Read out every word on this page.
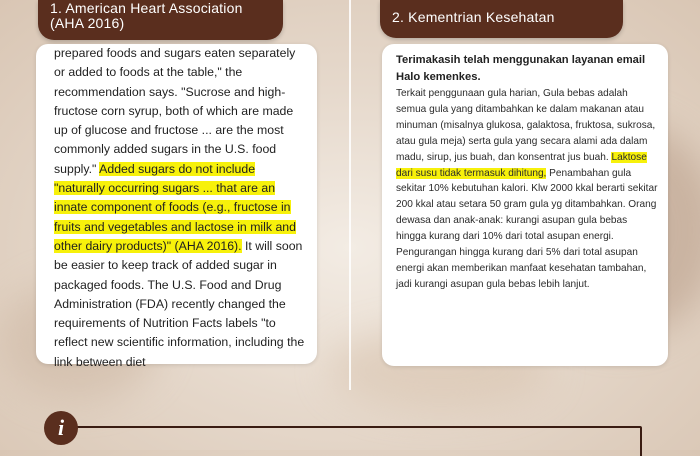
1. American Heart Association (AHA 2016)	2. Kementrian Kesehatan
prepared foods and sugars eaten separately or added to foods at the table," the recommendation says. "Sucrose and high-fructose corn syrup, both of which are made up of glucose and fructose ... are the most commonly added sugars in the U.S. food supply." Added sugars do not include "naturally occurring sugars ... that are an innate component of foods (e.g., fructose in fruits and vegetables and lactose in milk and other dairy products)" (AHA 2016). It will soon be easier to keep track of added sugar in packaged foods. The U.S. Food and Drug Administration (FDA) recently changed the requirements of Nutrition Facts labels "to reflect new scientific information, including the link between diet
Terimakasih telah menggunakan layanan email Halo kemenkes.
Terkait penggunaan gula harian, Gula bebas adalah semua gula yang ditambahkan ke dalam makanan atau minuman (misalnya glukosa, galaktosa, fruktosa, sukrosa, atau gula meja) serta gula yang secara alami ada dalam madu, sirup, jus buah, dan konsentrat jus buah. Laktose dari susu tidak termasuk dihitung, Penambahan gula sekitar 10% kebutuhan kalori. Klw 2000 kkal berarti sekitar 200 kkal atau setara 50 gram gula yg ditambahkan. Orang dewasa dan anak-anak: kurangi asupan gula bebas hingga kurang dari 10% dari total asupan energi. Pengurangan hingga kurang dari 5% dari total asupan energi akan memberikan manfaat kesehatan tambahan, jadi kurangi asupan gula bebas lebih lanjut.
i
